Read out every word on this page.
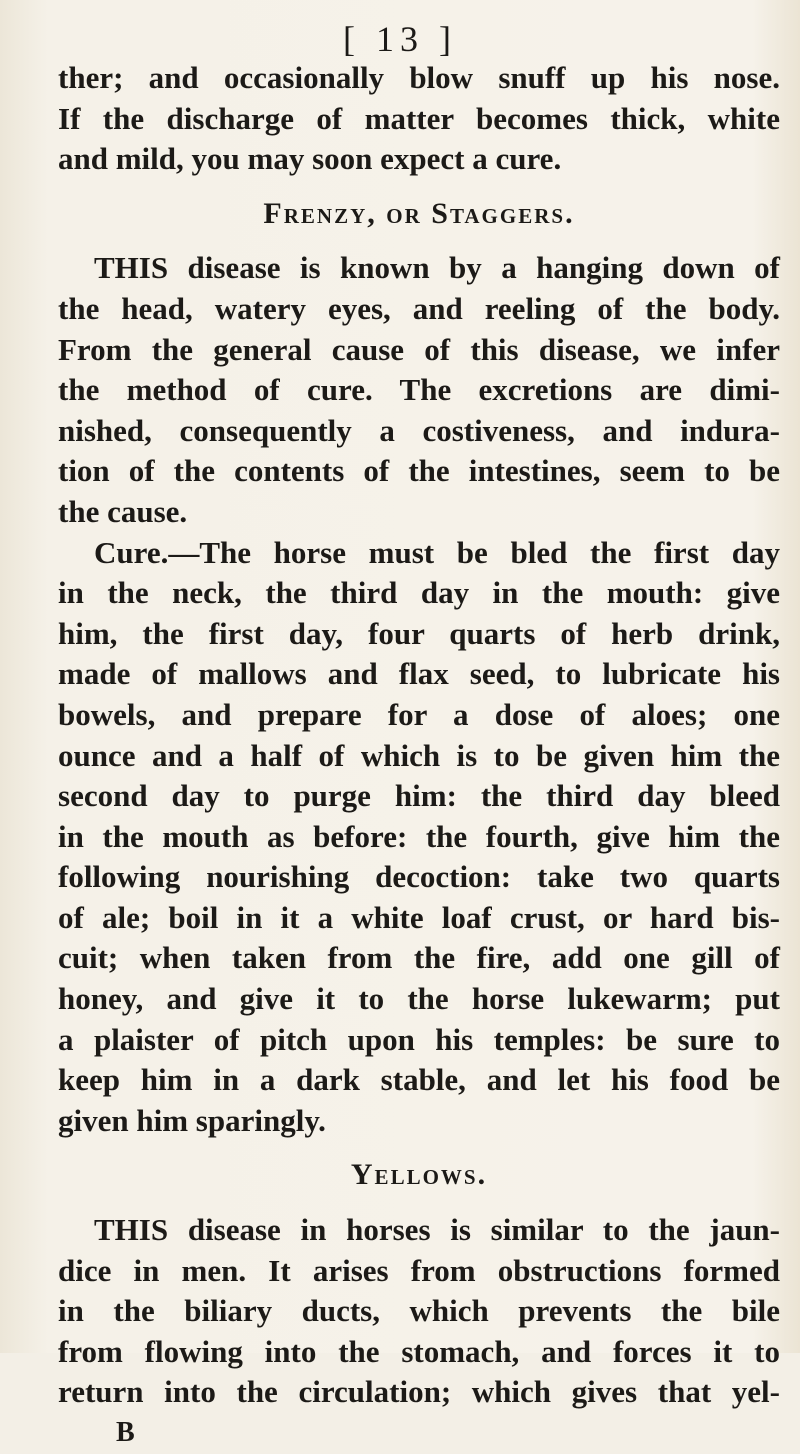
[ 13 ]
ther; and occasionally blow snuff up his nose.
If the discharge of matter becomes thick, white
and mild, you may soon expect a cure.
Frenzy, or Staggers.
THIS disease is known by a hanging down of
the head, watery eyes, and reeling of the body.
From the general cause of this disease, we infer
the method of cure. The excretions are dimi-
nished, consequently a costiveness, and indura-
tion of the contents of the intestines, seem to be
the cause.
Cure.—The horse must be bled the first day
in the neck, the third day in the mouth: give
him, the first day, four quarts of herb drink,
made of mallows and flax seed, to lubricate his
bowels, and prepare for a dose of aloes; one
ounce and a half of which is to be given him the
second day to purge him: the third day bleed
in the mouth as before: the fourth, give him the
following nourishing decoction: take two quarts
of ale; boil in it a white loaf crust, or hard bis-
cuit; when taken from the fire, add one gill of
honey, and give it to the horse lukewarm; put
a plaister of pitch upon his temples: be sure to
keep him in a dark stable, and let his food be
given him sparingly.
Yellows.
THIS disease in horses is similar to the jaun-
dice in men. It arises from obstructions formed
in the biliary ducts, which prevents the bile
from flowing into the stomach, and forces it to
return into the circulation; which gives that yel-
B
